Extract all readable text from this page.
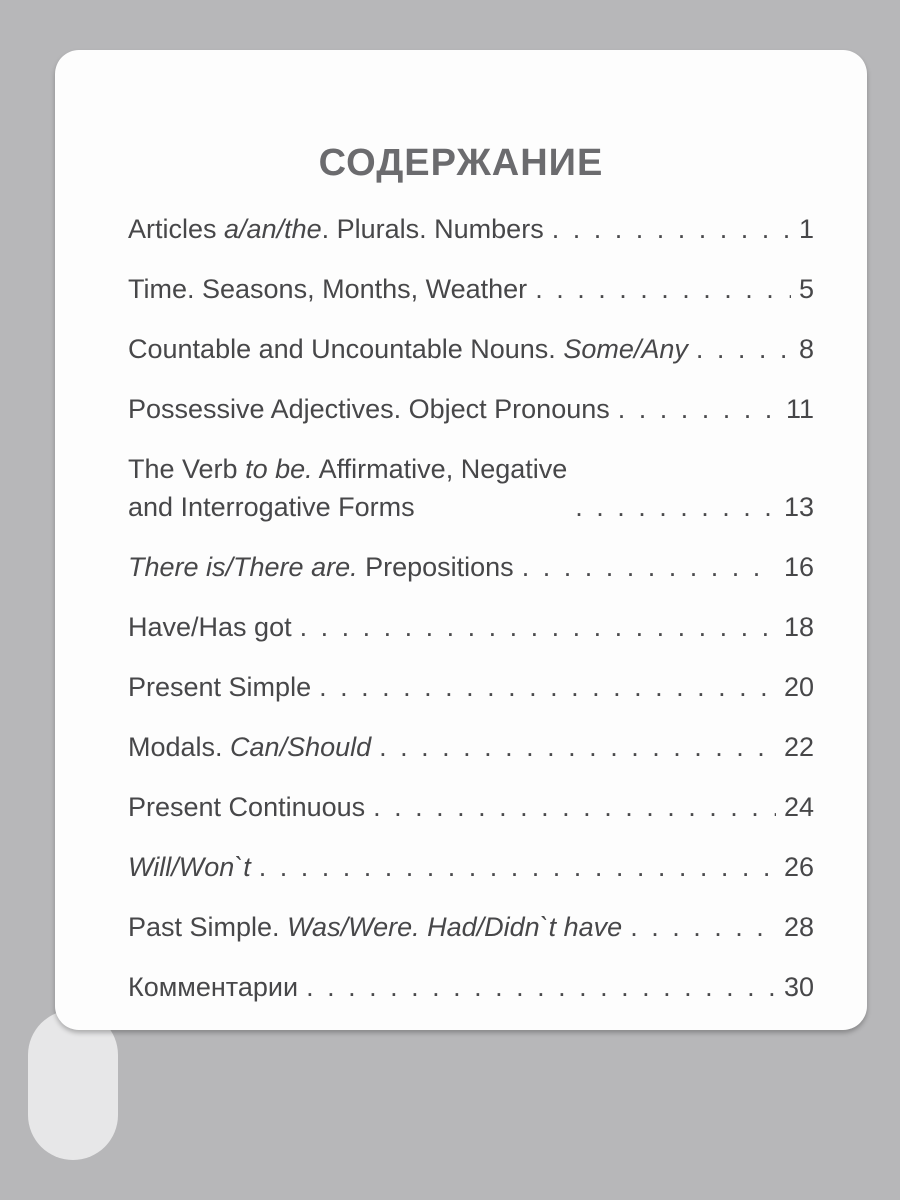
СОДЕРЖАНИЕ
Articles a/an/the. Plurals. Numbers . . .	1
Time. Seasons, Months, Weather . . .	5
Countable and Uncountable Nouns. Some/Any . . .	8
Possessive Adjectives. Object Pronouns . . .	11
The Verb to be. Affirmative, Negative
and Interrogative Forms . . .	13
There is/There are. Prepositions . . .	16
Have/Has got . . .	18
Present Simple . . .	20
Modals. Can/Should . . .	22
Present Continuous . . .	24
Will/Won`t . . .	26
Past Simple. Was/Were. Had/Didn`t have . . .	28
Комментарии . . .	30
